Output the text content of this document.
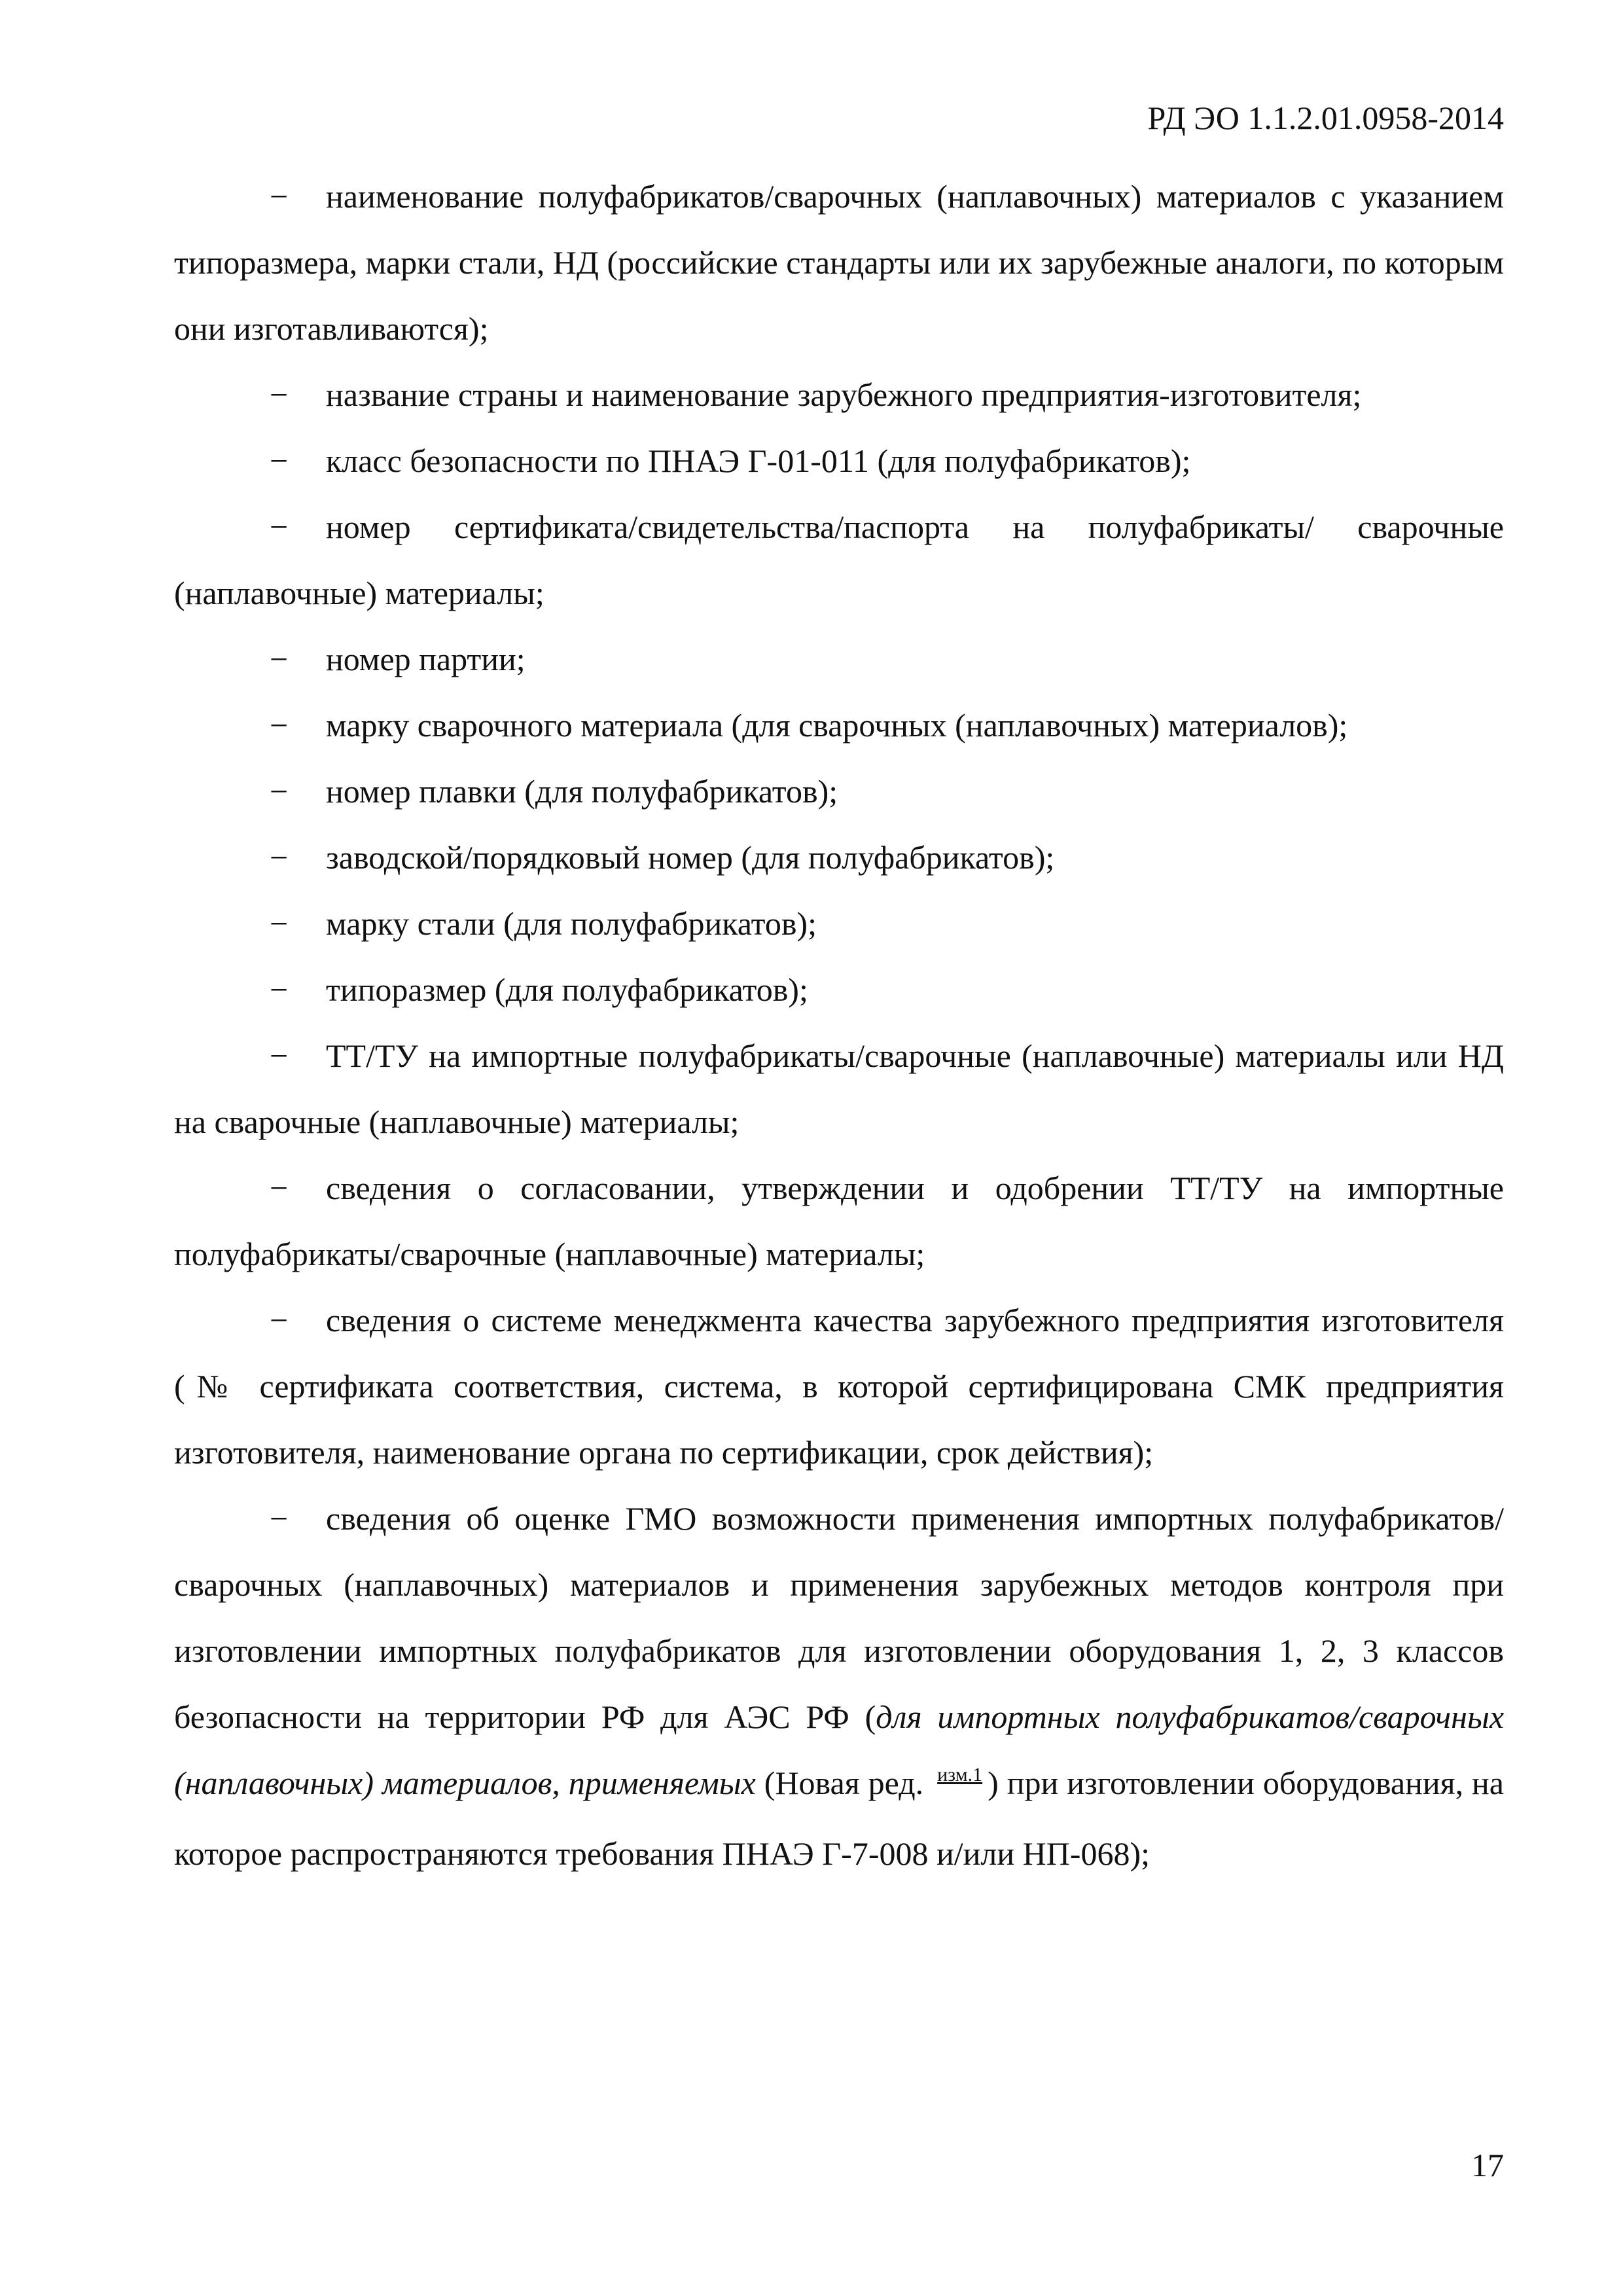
РД ЭО 1.1.2.01.0958-2014

− наименование полуфабрикатов/сварочных (наплавочных) материалов с указанием типоразмера, марки стали, НД (российские стандарты или их зарубежные аналоги, по которым они изготавливаются);

− название страны и наименование зарубежного предприятия-изготовителя;

− класс безопасности по ПНАЭ Г-01-011 (для полуфабрикатов);

− номер сертификата/свидетельства/паспорта на полуфабрикаты/ сварочные (наплавочные) материалы;

− номер партии;

− марку сварочного материала (для сварочных (наплавочных) материалов);

− номер плавки (для полуфабрикатов);

− заводской/порядковый номер (для полуфабрикатов);

− марку стали (для полуфабрикатов);

− типоразмер (для полуфабрикатов);

− ТТ/ТУ на импортные полуфабрикаты/сварочные (наплавочные) материалы или НД на сварочные (наплавочные) материалы;

− сведения о согласовании, утверждении и одобрении ТТ/ТУ на импортные полуфабрикаты/сварочные (наплавочные) материалы;

− сведения о системе менеджмента качества зарубежного предприятия изготовителя (№ сертификата соответствия, система, в которой сертифицирована СМК предприятия изготовителя, наименование органа по сертификации, срок действия);

− сведения об оценке ГМО возможности применения импортных полуфабрикатов/сварочных (наплавочных) материалов и применения зарубежных методов контроля при изготовлении импортных полуфабрикатов для изготовлении оборудования 1, 2, 3 классов безопасности на территории РФ для АЭС РФ (для импортных полуфабрикатов/сварочных (наплавочных) материалов, применяемых (Новая ред. $^{изм.1}$ ) при изготовлении оборудования, на которое распространяются требования ПНАЭ Г-7-008 и/или НП-068);

17
